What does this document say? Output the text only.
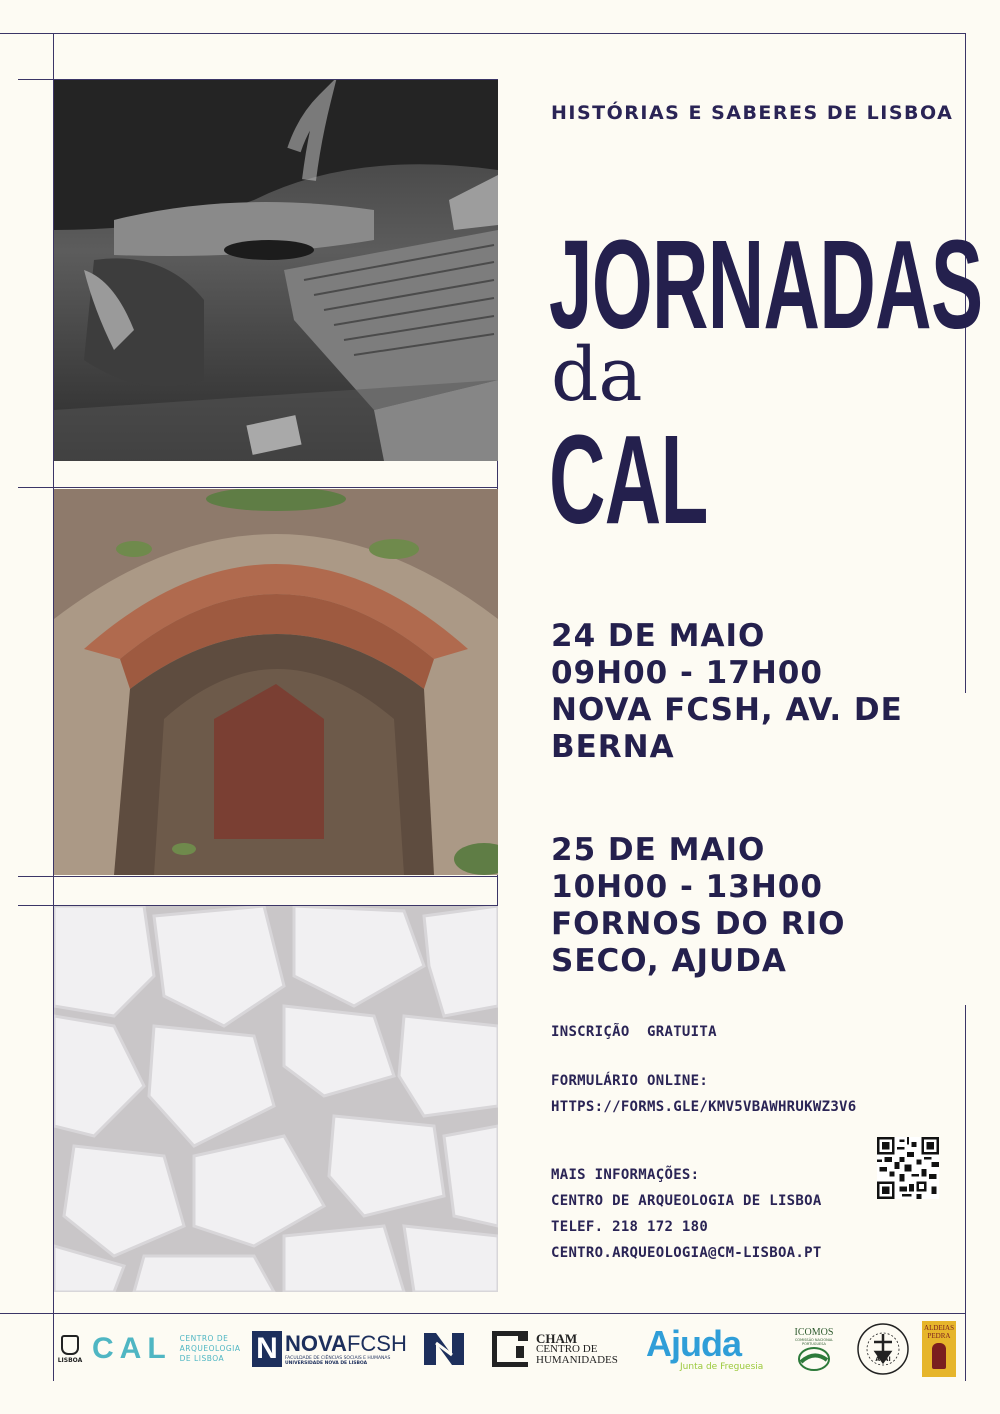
HISTÓRIAS E SABERES DE LISBOA
JORNADAS
da
CAL
24 DE MAIO
09H00 - 17H00
NOVA FCSH, AV. DE
BERNA
25 DE MAIO
10H00 - 13H00
FORNOS DO RIO
SECO, AJUDA
INSCRIÇÃO  GRATUITA
FORMULÁRIO ONLINE:
HTTPS://FORMS.GLE/KMV5VBAWHRUKWZ3V6
MAIS INFORMAÇÕES:
CENTRO DE ARQUEOLOGIA DE LISBOA
TELEF. 218 172 180
CENTRO.ARQUEOLOGIA@CM-LISBOA.PT
LISBOA CAL CENTRO DE
ARQUEOLOGIA
DE LISBOA	N NOVAFCSH
FACULDADE DE CIÊNCIAS SOCIAIS E HUMANAS
UNIVERSIDADE NOVA DE LISBOA
CHAM
CENTRO DE
HUMANIDADES Ajuda
Junta de Freguesia
ICOMOS
COMISSÃO NACIONAL PORTUGUESA
APAI
ALDEIAS
PEDRA
